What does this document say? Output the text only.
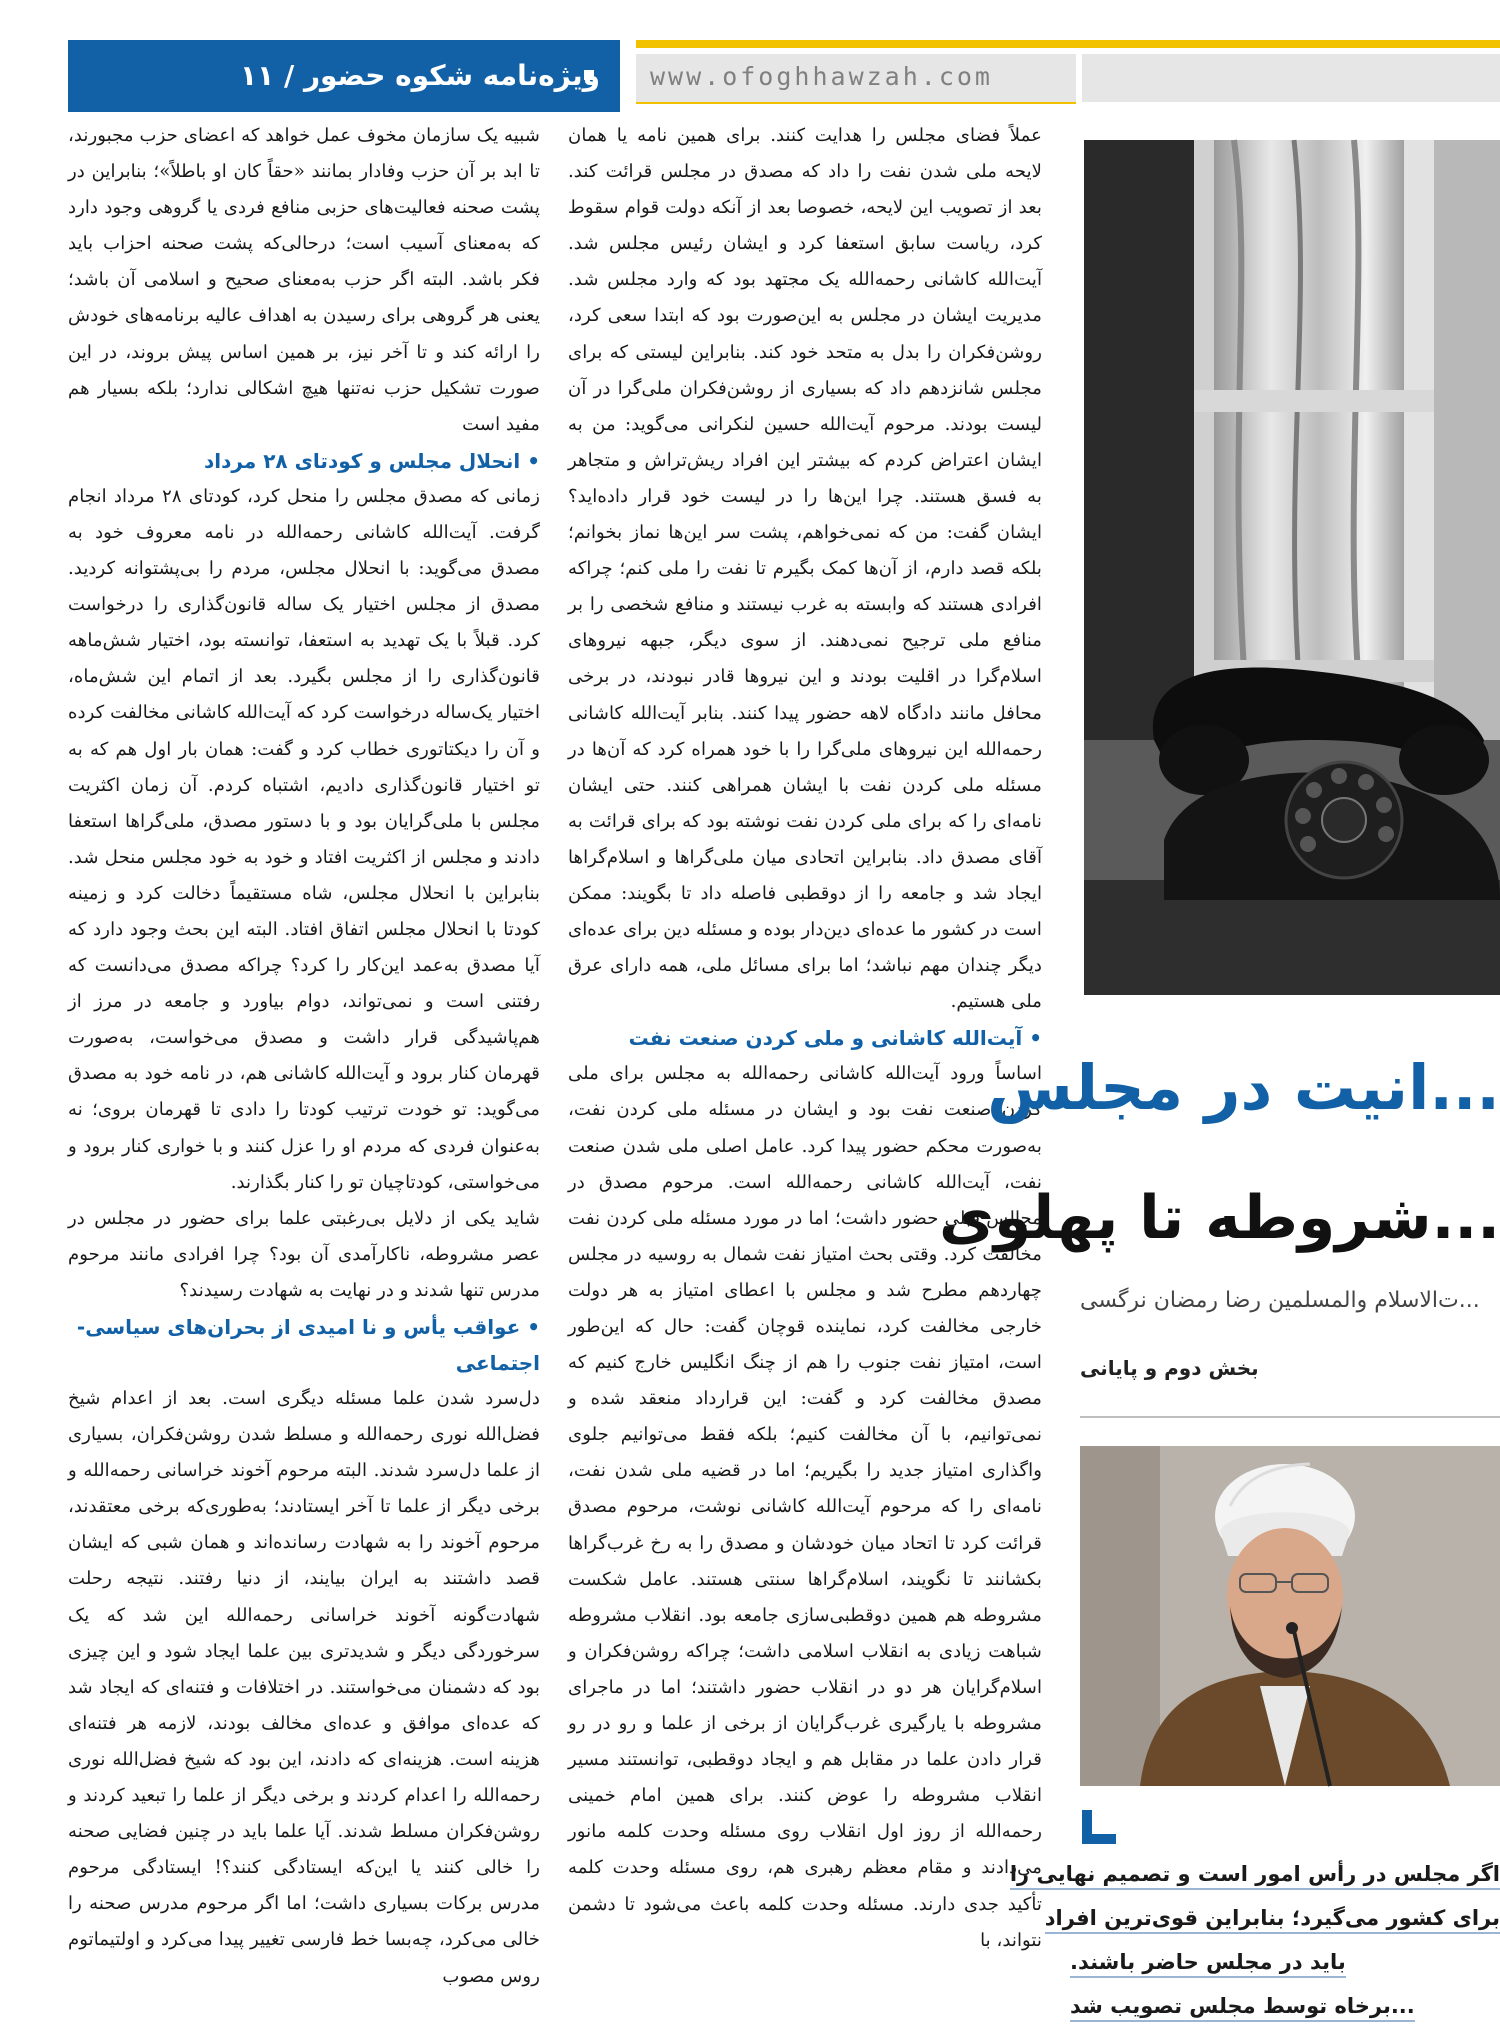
www.ofoghhawzah.com
ویژه‌نامه شکوه حضور / ۱۱

عملاً فضای مجلس را هدایت کنند. برای همین نامه یا همان لایحه ملی شدن نفت را داد که مصدق در مجلس قرائت کند. بعد از تصویب این لایحه، خصوصا بعد از آنکه دولت قوام سقوط کرد، ریاست سابق استعفا کرد و ایشان رئیس مجلس شد. آیت‌الله کاشانی رحمه‌الله یک مجتهد بود که وارد مجلس شد. مدیریت ایشان در مجلس به این‌صورت بود که ابتدا سعی کرد، روشن‌فکران را بدل به متحد خود کند. بنابراین لیستی که برای مجلس شانزدهم داد که بسیاری از روشن‌فکران ملی‌گرا در آن لیست بودند. مرحوم آیت‌الله حسین لنکرانی می‌گوید: من به ایشان اعتراض کردم که بیشتر این افراد ریش‌تراش و متجاهر به فسق هستند. چرا این‌ها را در لیست خود قرار داده‌اید؟ ایشان گفت: من که نمی‌خواهم، پشت سر این‌ها نماز بخوانم؛ بلکه قصد دارم، از آن‌ها کمک بگیرم تا نفت را ملی کنم؛ چراکه افرادی هستند که وابسته به غرب نیستند و منافع شخصی را بر منافع ملی ترجیح نمی‌دهند. از سوی دیگر، جبهه نیروهای اسلام‌گرا در اقلیت بودند و این نیروها قادر نبودند، در برخی محافل مانند دادگاه لاهه حضور پیدا کنند. بنابر آیت‌الله کاشانی رحمه‌الله این نیروهای ملی‌گرا را با خود همراه کرد که آن‌ها در مسئله ملی کردن نفت با ایشان همراهی کنند. حتی ایشان نامه‌ای را که برای ملی کردن نفت نوشته بود که برای قرائت به آقای مصدق داد. بنابراین اتحادی میان ملی‌گراها و اسلام‌گراها ایجاد شد و جامعه را از دوقطبی فاصله داد تا بگویند: ممکن است در کشور ما عده‌ای دین‌دار بوده و مسئله دین برای عده‌ای دیگر چندان مهم نباشد؛ اما برای مسائل ملی، همه دارای عرق ملی هستیم.

• آیت‌الله کاشانی و ملی کردن صنعت نفت

اساساً ورود آیت‌الله کاشانی رحمه‌الله به مجلس برای ملی کردن صنعت نفت بود و ایشان در مسئله ملی کردن نفت، به‌صورت محکم حضور پیدا کرد. عامل اصلی ملی شدن صنعت نفت، آیت‌الله کاشانی رحمه‌الله است. مرحوم مصدق در مجالس قبلی حضور داشت؛ اما در مورد مسئله ملی کردن نفت مخالفت کرد. وقتی بحث امتیاز نفت شمال به روسیه در مجلس چهاردهم مطرح شد و مجلس با اعطای امتیاز به هر دولت خارجی مخالفت کرد، نماینده قوچان گفت: حال که این‌طور است، امتیاز نفت جنوب را هم از چنگ انگلیس خارج کنیم که مصدق مخالفت کرد و گفت: این قرارداد منعقد شده و نمی‌توانیم، با آن مخالفت کنیم؛ بلکه فقط می‌توانیم جلوی واگذاری امتیاز جدید را بگیریم؛ اما در قضیه ملی شدن نفت، نامه‌ای را که مرحوم آیت‌الله کاشانی نوشت، مرحوم مصدق قرائت کرد تا اتحاد میان خودشان و مصدق را به رخ غرب‌گراها بکشانند تا نگویند، اسلام‌گراها سنتی هستند. عامل شکست مشروطه هم همین دوقطبی‌سازی جامعه بود. انقلاب مشروطه شباهت زیادی به انقلاب اسلامی داشت؛ چراکه روشن‌فکران و اسلام‌گرایان هر دو در انقلاب حضور داشتند؛ اما در ماجرای مشروطه با یارگیری غرب‌گرایان از برخی از علما و رو در رو قرار دادن علما در مقابل هم و ایجاد دوقطبی، توانستند مسیر انقلاب مشروطه را عوض کنند. برای همین امام خمینی رحمه‌الله از روز اول انقلاب روی مسئله وحدت کلمه مانور می‌دادند و مقام معظم رهبری هم، روی مسئله وحدت کلمه تأکید جدی دارند. مسئله وحدت کلمه باعث می‌شود تا دشمن نتواند، با

شبیه یک سازمان مخوف عمل خواهد که اعضای حزب مجبورند، تا ابد بر آن حزب وفادار بمانند «حقاً کان او باطلاً»؛ بنابراین در پشت صحنه فعالیت‌های حزبی منافع فردی یا گروهی وجود دارد که به‌معنای آسیب است؛ درحالی‌که پشت صحنه احزاب باید فکر باشد. البته اگر حزب به‌معنای صحیح و اسلامی آن باشد؛ یعنی هر گروهی برای رسیدن به اهداف عالیه برنامه‌های خودش را ارائه کند و تا آخر نیز، بر همین اساس پیش بروند، در این صورت تشکیل حزب نه‌تنها هیچ اشکالی ندارد؛ بلکه بسیار هم مفید است

• انحلال مجلس و کودتای ۲۸ مرداد

زمانی که مصدق مجلس را منحل کرد، کودتای ۲۸ مرداد انجام گرفت. آیت‌الله کاشانی رحمه‌الله در نامه معروف خود به مصدق می‌گوید: با انحلال مجلس، مردم را بی‌پشتوانه کردید. مصدق از مجلس اختیار یک ساله قانون‌گذاری را درخواست کرد. قبلاً با یک تهدید به استعفا، توانسته بود، اختیار شش‌ماهه قانون‌گذاری را از مجلس بگیرد. بعد از اتمام این شش‌ماه، اختیار یک‌ساله درخواست کرد که آیت‌الله کاشانی مخالفت کرده و آن را دیکتاتوری خطاب کرد و گفت: همان بار اول هم که به تو اختیار قانون‌گذاری دادیم، اشتباه کردم. آن زمان اکثریت مجلس با ملی‌گرایان بود و با دستور مصدق، ملی‌گراها استعفا دادند و مجلس از اکثریت افتاد و خود به خود مجلس منحل شد. بنابراین با انحلال مجلس، شاه مستقیماً دخالت کرد و زمینه کودتا با انحلال مجلس اتفاق افتاد. البته این بحث وجود دارد که آیا مصدق به‌عمد این‌کار را کرد؟ چراکه مصدق می‌دانست که رفتنی است و نمی‌تواند، دوام بیاورد و جامعه در مرز از هم‌پاشیدگی قرار داشت و مصدق می‌خواست، به‌صورت قهرمان کنار برود و آیت‌الله کاشانی هم، در نامه خود به مصدق می‌گوید: تو خودت ترتیب کودتا را دادی تا قهرمان بروی؛ نه به‌عنوان فردی که مردم او را عزل کنند و با خواری کنار برود و می‌خواستی، کودتاچیان تو را کنار بگذارند.

شاید یکی از دلایل بی‌رغبتی علما برای حضور در مجلس در عصر مشروطه، ناکارآمدی آن بود؟ چرا افرادی مانند مرحوم مدرس تنها شدند و در نهایت به شهادت رسیدند؟

• عواقب یأس و نا امیدی از بحران‌های سیاسی- اجتماعی

دل‌سرد شدن علما مسئله دیگری است. بعد از اعدام شیخ فضل‌الله نوری رحمه‌الله و مسلط شدن روشن‌فکران، بسیاری از علما دل‌سرد شدند. البته مرحوم آخوند خراسانی رحمه‌الله و برخی دیگر از علما تا آخر ایستادند؛ به‌طوری‌که برخی معتقدند، مرحوم آخوند را به شهادت رسانده‌اند و همان شبی که ایشان قصد داشتند به ایران بیایند، از دنیا رفتند. نتیجه رحلت شهادت‌گونه آخوند خراسانی رحمه‌الله این شد که یک سرخوردگی دیگر و شدیدتری بین علما ایجاد شود و این چیزی بود که دشمنان می‌خواستند. در اختلافات و فتنه‌ای که ایجاد شد که عده‌ای موافق و عده‌ای مخالف بودند، لازمه هر فتنه‌ای هزینه است. هزینه‌ای که دادند، این بود که شیخ فضل‌الله نوری رحمه‌الله را اعدام کردند و برخی دیگر از علما را تبعید کردند و روشن‌فکران مسلط شدند. آیا علما باید در چنین فضایی صحنه را خالی کنند یا این‌که ایستادگی کنند؟! ایستادگی مرحوم مدرس برکات بسیاری داشت؛ اما اگر مرحوم مدرس صحنه را خالی می‌کرد، چه‌بسا خط فارسی تغییر پیدا می‌کرد و اولتیماتوم روس مصوب

...انیت در مجلس
...شروطه تا پهلوی
...ت‌الاسلام والمسلمین رضا رمضان نرگسی
بخش دوم و پایانی
اگر مجلس در رأس امور است و تصمیم نهایی را
برای کشور می‌گیرد؛ بنابراین قوی‌ترین افراد
باید در مجلس حاضر باشند.
...برخاه توسط مجلس تصویب شد
